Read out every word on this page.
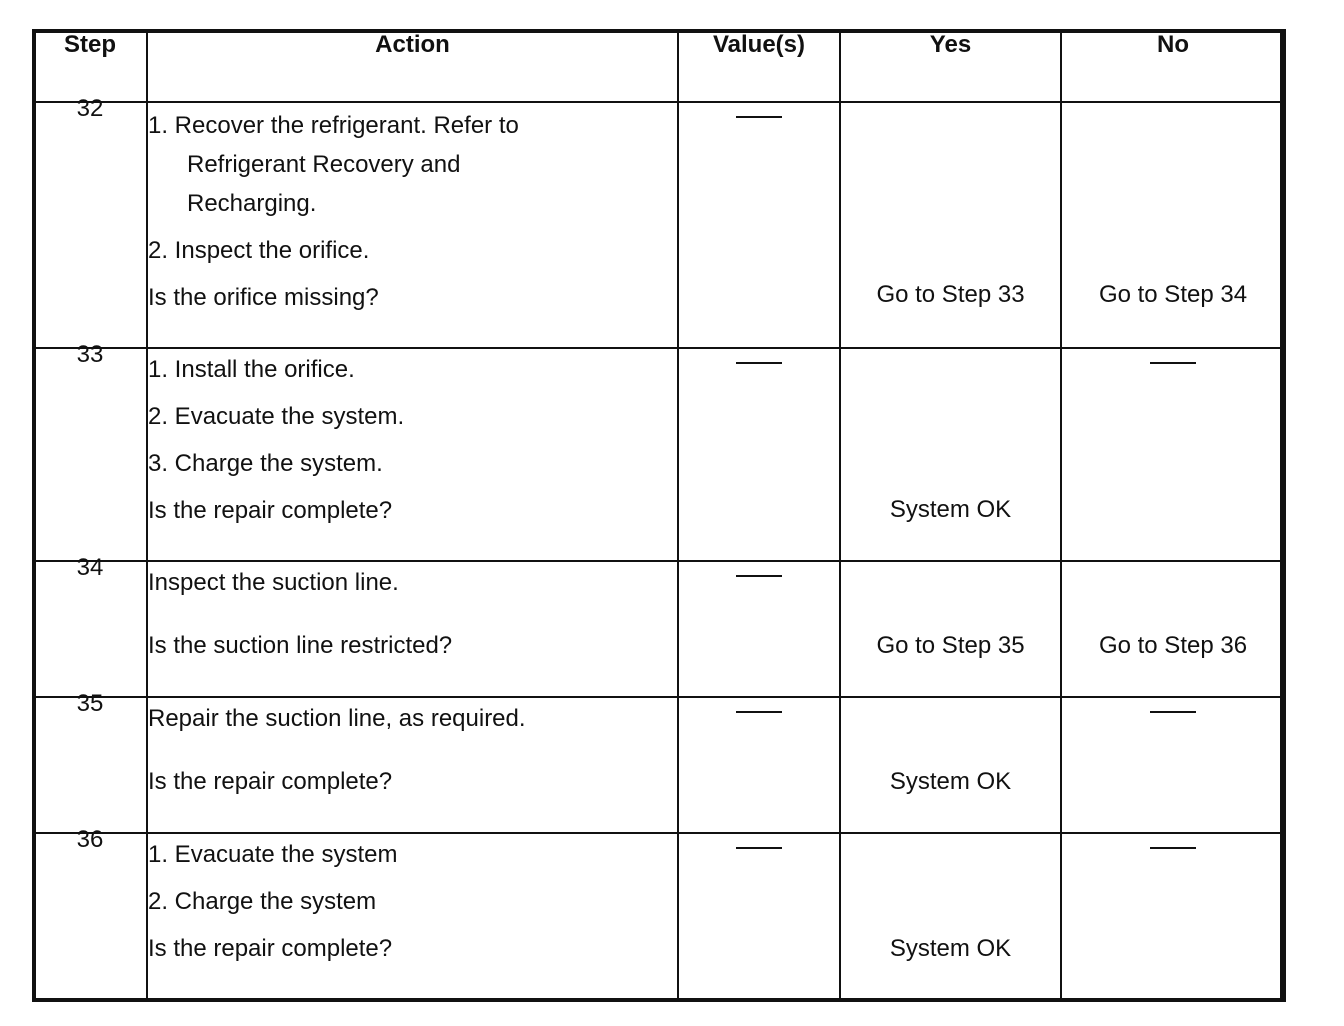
Step	Action	Value(s)	Yes	No
32	1. Recover the refrigerant. Refer to
Refrigerant Recovery and
Recharging.
2. Inspect the orifice.
Is the orifice missing?		Go to Step 33	Go to Step 34

33	1. Install the orifice.
2. Evacuate the system.
3. Charge the system.
Is the repair complete?		System OK	

34	Inspect the suction line.
Is the suction line restricted?		Go to Step 35	Go to Step 36

35	Repair the suction line, as required.
Is the repair complete?		System OK	

36	1. Evacuate the system
2. Charge the system
Is the repair complete?		System OK	
